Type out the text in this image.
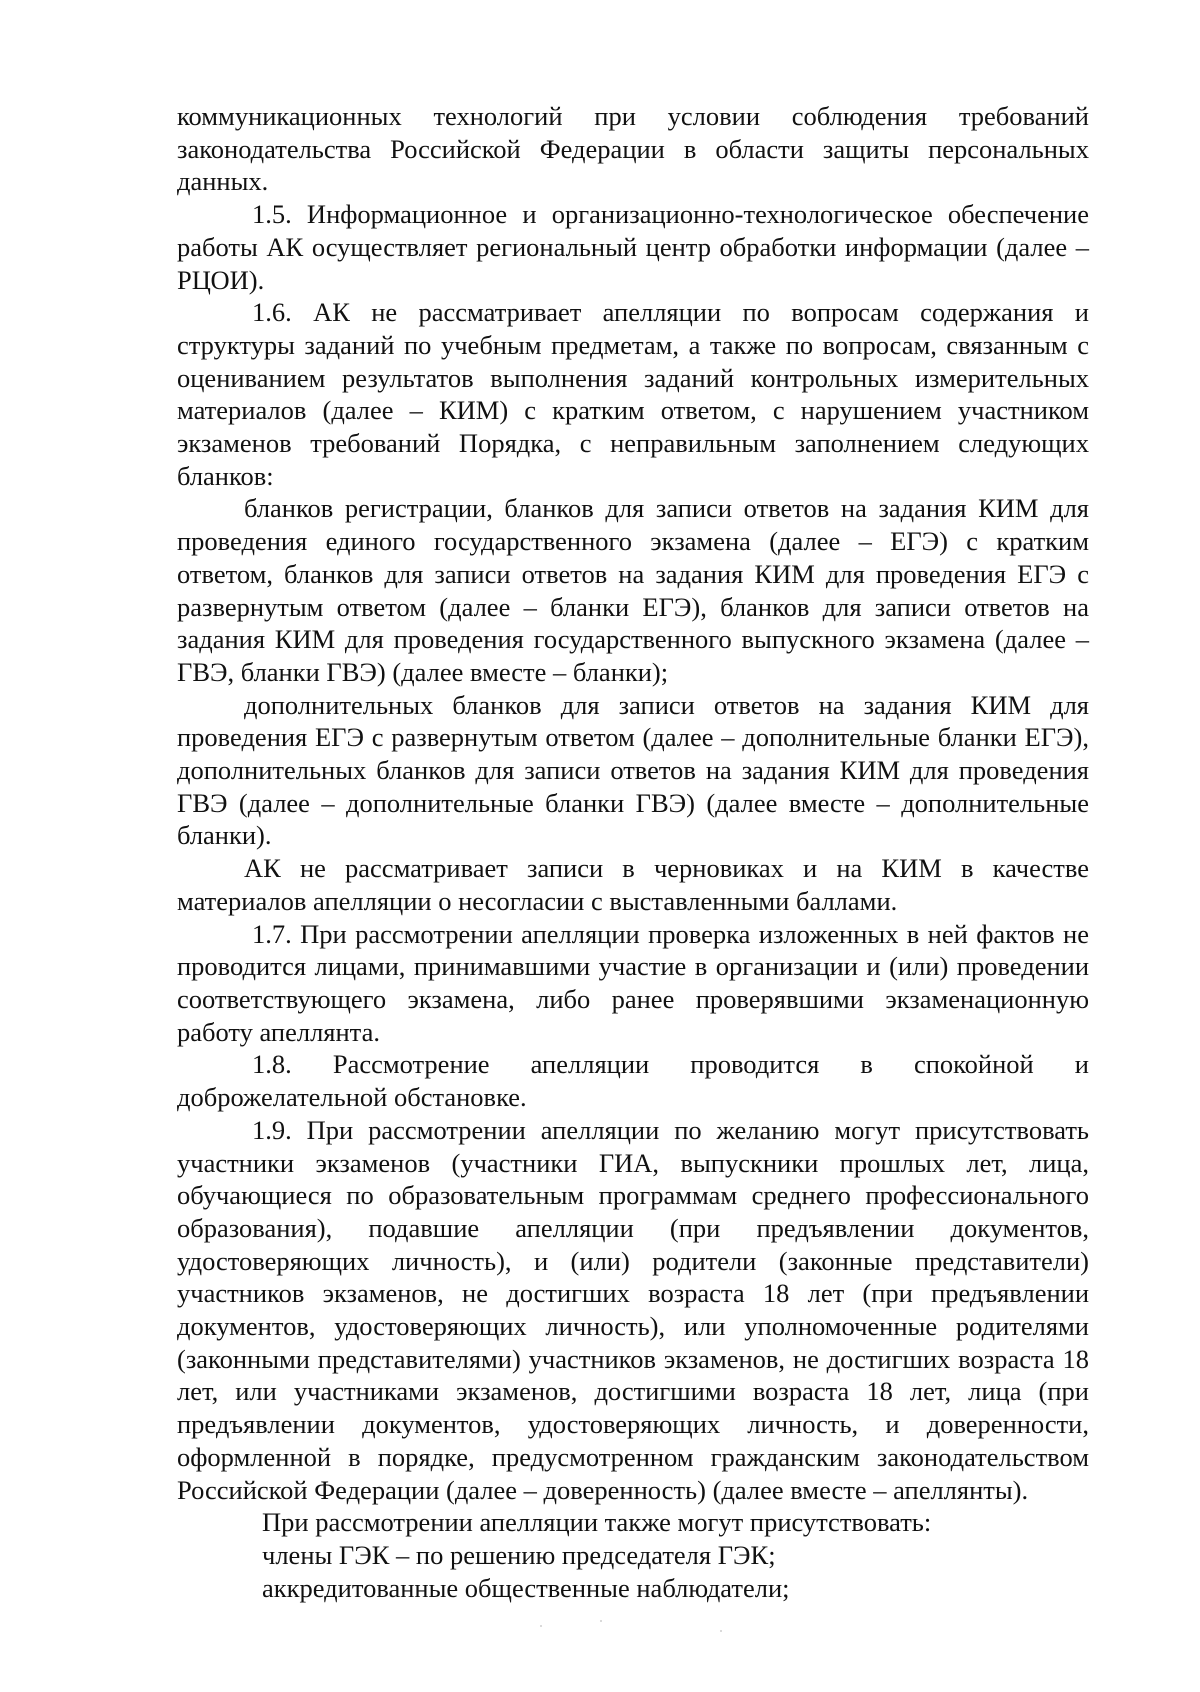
коммуникационных технологий при условии соблюдения требований законодательства Российской Федерации в области защиты персональных данных.

1.5. Информационное и организационно-технологическое обеспечение работы АК осуществляет региональный центр обработки информации (далее – РЦОИ).

1.6. АК не рассматривает апелляции по вопросам содержания и структуры заданий по учебным предметам, а также по вопросам, связанным с оцениванием результатов выполнения заданий контрольных измерительных материалов (далее – КИМ) с кратким ответом, с нарушением участником экзаменов требований Порядка, с неправильным заполнением следующих бланков:

бланков регистрации, бланков для записи ответов на задания КИМ для проведения единого государственного экзамена (далее – ЕГЭ) с кратким ответом, бланков для записи ответов на задания КИМ для проведения ЕГЭ с развернутым ответом (далее – бланки ЕГЭ), бланков для записи ответов на задания КИМ для проведения государственного выпускного экзамена (далее – ГВЭ, бланки ГВЭ) (далее вместе – бланки);

дополнительных бланков для записи ответов на задания КИМ для проведения ЕГЭ с развернутым ответом (далее – дополнительные бланки ЕГЭ), дополнительных бланков для записи ответов на задания КИМ для проведения ГВЭ (далее – дополнительные бланки ГВЭ) (далее вместе – дополнительные бланки).

АК не рассматривает записи в черновиках и на КИМ в качестве материалов апелляции о несогласии с выставленными баллами.

1.7. При рассмотрении апелляции проверка изложенных в ней фактов не проводится лицами, принимавшими участие в организации и (или) проведении соответствующего экзамена, либо ранее проверявшими экзаменационную работу апеллянта.

1.8. Рассмотрение апелляции проводится в спокойной и доброжелательной обстановке.

1.9. При рассмотрении апелляции по желанию могут присутствовать участники экзаменов (участники ГИА, выпускники прошлых лет, лица, обучающиеся по образовательным программам среднего профессионального образования), подавшие апелляции (при предъявлении документов, удостоверяющих личность), и (или) родители (законные представители) участников экзаменов, не достигших возраста 18 лет (при предъявлении документов, удостоверяющих личность), или уполномоченные родителями (законными представителями) участников экзаменов, не достигших возраста 18 лет, или участниками экзаменов, достигшими возраста 18 лет, лица (при предъявлении документов, удостоверяющих личность, и доверенности, оформленной в порядке, предусмотренном гражданским законодательством Российской Федерации (далее – доверенность) (далее вместе – апеллянты).

При рассмотрении апелляции также могут присутствовать:

члены ГЭК – по решению председателя ГЭК;

аккредитованные общественные наблюдатели;
